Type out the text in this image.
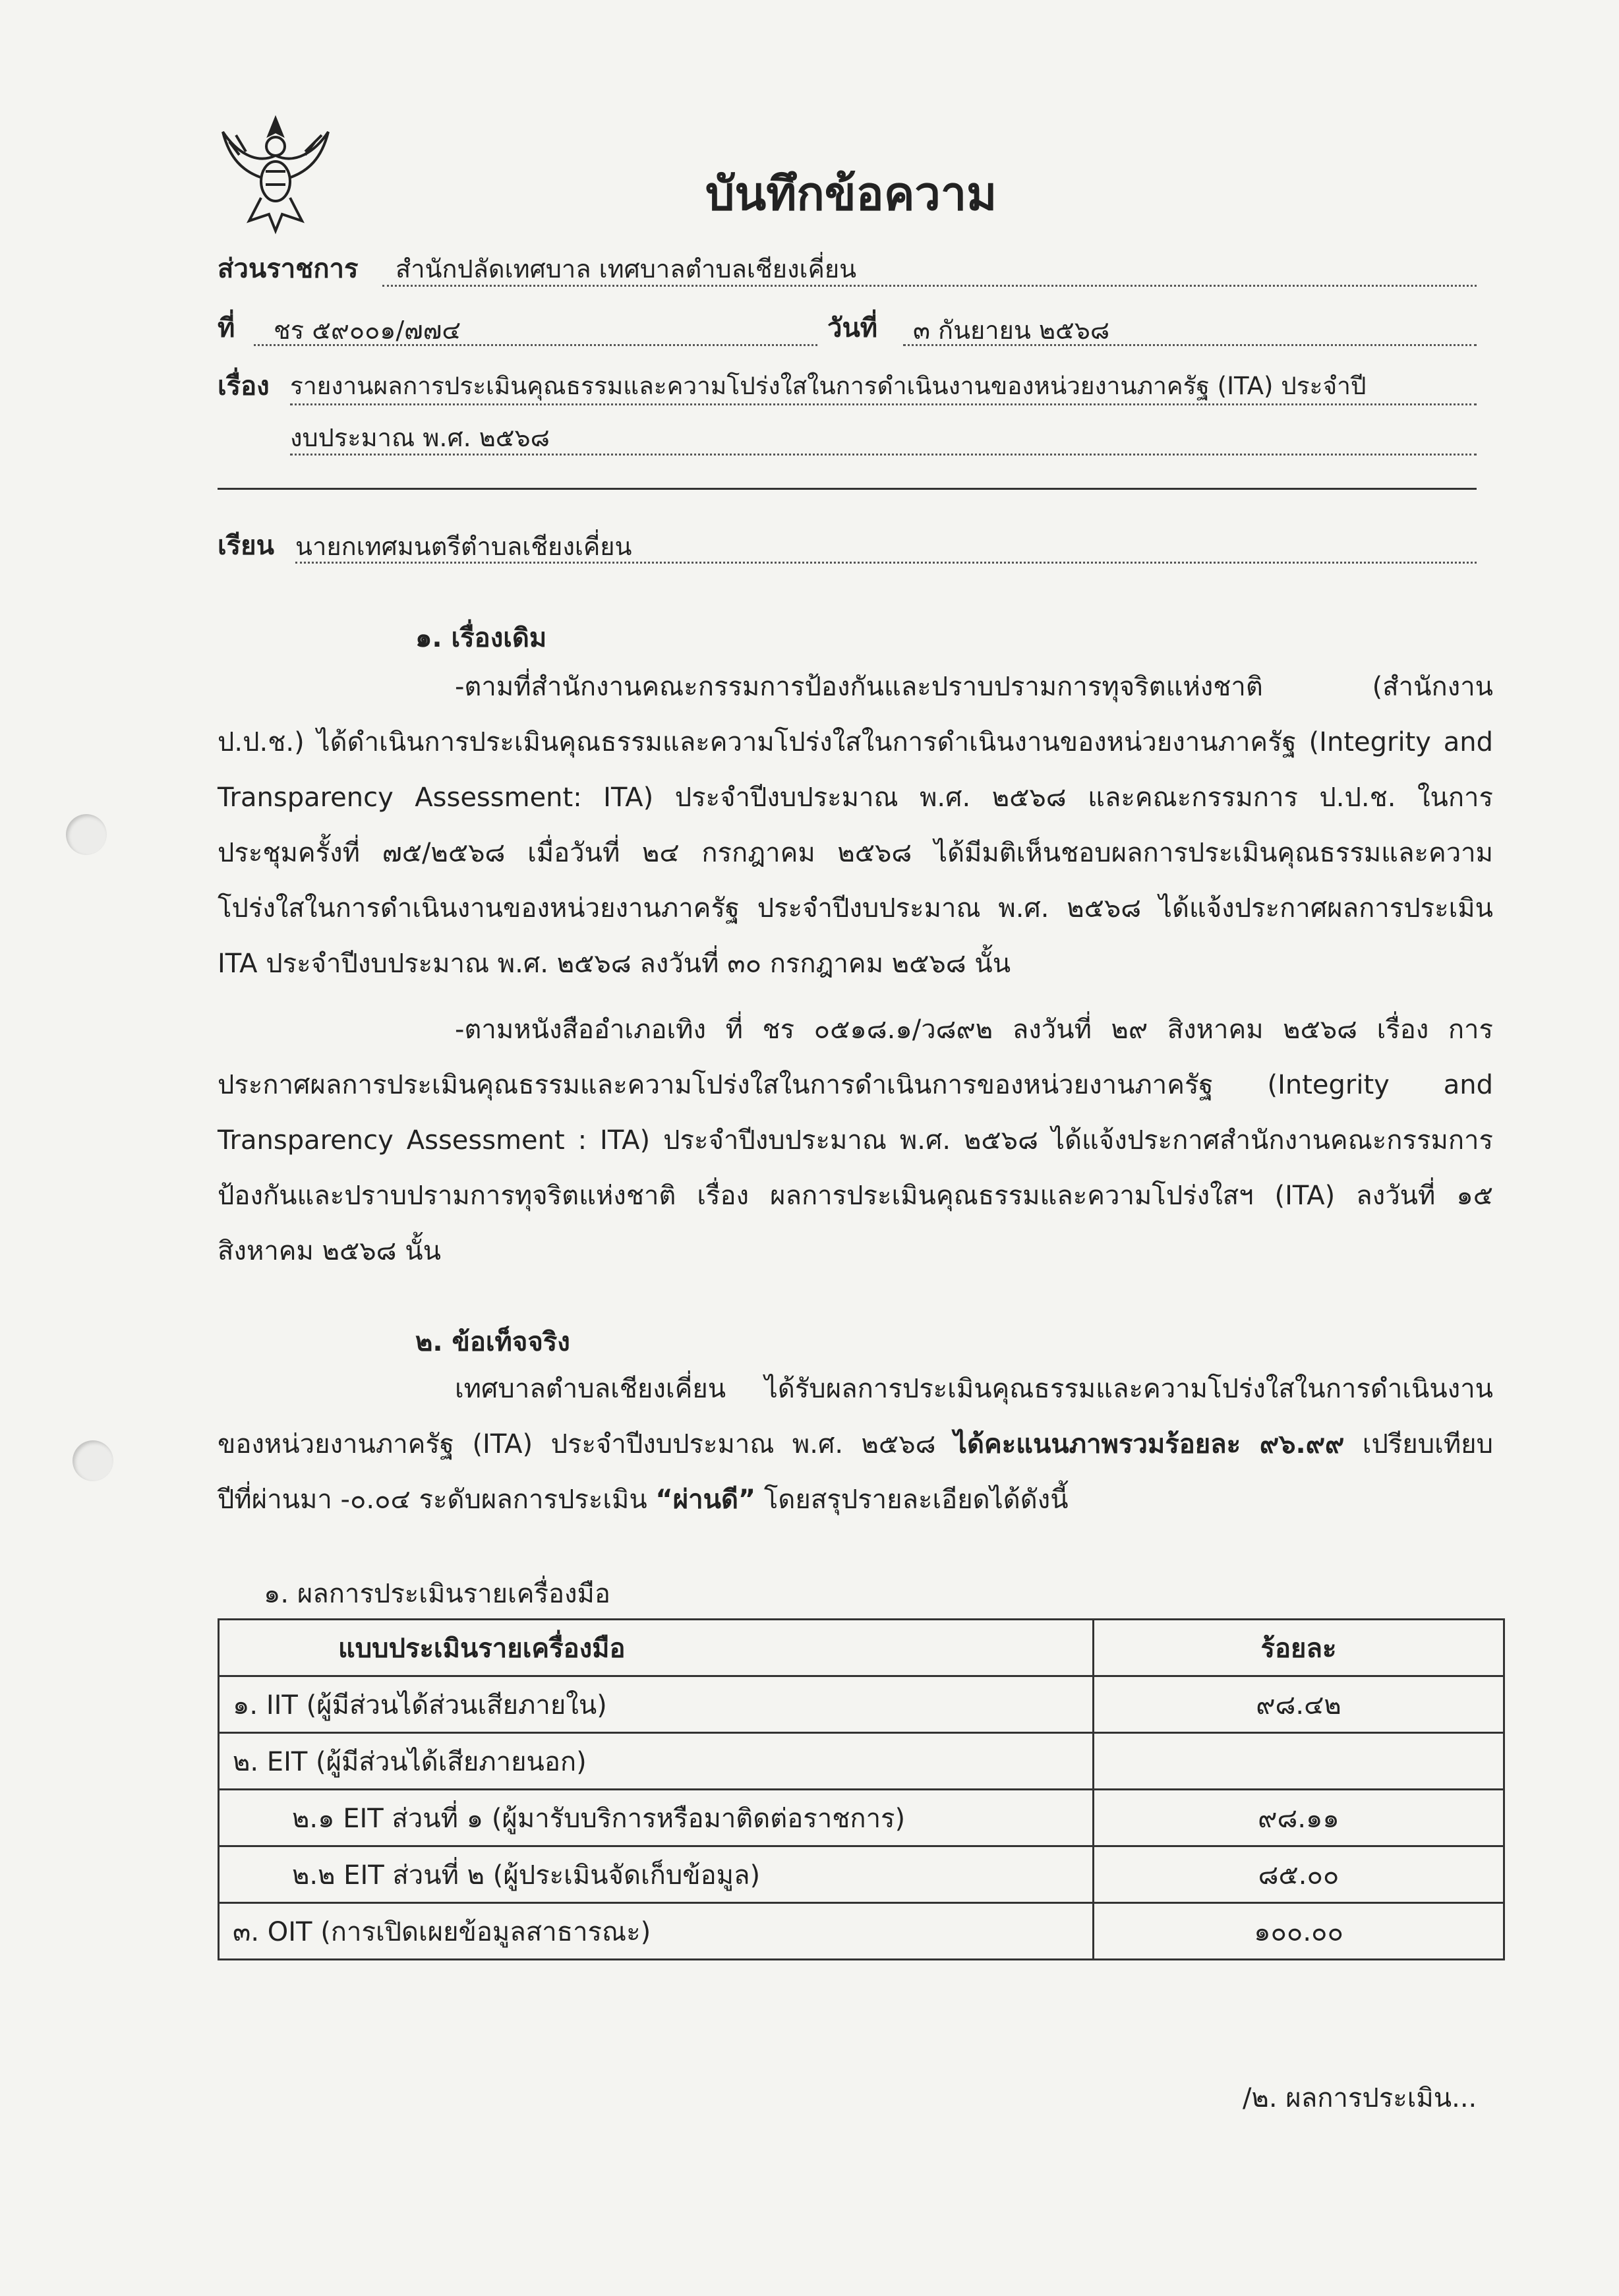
บันทึกข้อความ
ส่วนราชการ สำนักปลัดเทศบาล เทศบาลตำบลเชียงเคี่ยน
ที่ ชร ๕๙๐๐๑/๗๗๔	วันที่ ๓ กันยายน ๒๕๖๘
เรื่อง รายงานผลการประเมินคุณธรรมและความโปร่งใสในการดำเนินงานของหน่วยงานภาครัฐ (ITA) ประจำปี
งบประมาณ พ.ศ. ๒๕๖๘
เรียน นายกเทศมนตรีตำบลเชียงเคี่ยน
๑. เรื่องเดิม
-ตามที่สำนักงานคณะกรรมการป้องกันและปราบปรามการทุจริตแห่งชาติ (สำนักงาน
ป.ป.ช.) ได้ดำเนินการประเมินคุณธรรมและความโปร่งใสในการดำเนินงานของหน่วยงานภาครัฐ (Integrity and
Transparency Assessment: ITA) ประจำปีงบประมาณ พ.ศ. ๒๕๖๘ และคณะกรรมการ ป.ป.ช. ในการ
ประชุมครั้งที่ ๗๕/๒๕๖๘ เมื่อวันที่ ๒๔ กรกฎาคม ๒๕๖๘ ได้มีมติเห็นชอบผลการประเมินคุณธรรมและความ
โปร่งใสในการดำเนินงานของหน่วยงานภาครัฐ ประจำปีงบประมาณ พ.ศ. ๒๕๖๘ ได้แจ้งประกาศผลการประเมิน
ITA ประจำปีงบประมาณ พ.ศ. ๒๕๖๘ ลงวันที่ ๓๐ กรกฎาคม ๒๕๖๘ นั้น
-ตามหนังสืออำเภอเทิง ที่ ชร ๐๕๑๘.๑/ว๘๙๒ ลงวันที่ ๒๙ สิงหาคม ๒๕๖๘ เรื่อง การ
ประกาศผลการประเมินคุณธรรมและความโปร่งใสในการดำเนินการของหน่วยงานภาครัฐ (Integrity and
Transparency Assessment : ITA) ประจำปีงบประมาณ พ.ศ. ๒๕๖๘ ได้แจ้งประกาศสำนักงานคณะกรรมการ
ป้องกันและปราบปรามการทุจริตแห่งชาติ เรื่อง ผลการประเมินคุณธรรมและความโปร่งใสฯ (ITA) ลงวันที่ ๑๕
สิงหาคม ๒๕๖๘ นั้น
๒. ข้อเท็จจริง
เทศบาลตำบลเชียงเคี่ยน ได้รับผลการประเมินคุณธรรมและความโปร่งใสในการดำเนินงาน
ของหน่วยงานภาครัฐ (ITA) ประจำปีงบประมาณ พ.ศ. ๒๕๖๘ ได้คะแนนภาพรวมร้อยละ ๙๖.๙๙ เปรียบเทียบ
ปีที่ผ่านมา -๐.๐๔ ระดับผลการประเมิน “ผ่านดี” โดยสรุปรายละเอียดได้ดังนี้
๑. ผลการประเมินรายเครื่องมือ
แบบประเมินรายเครื่องมือ	ร้อยละ
๑. IIT (ผู้มีส่วนได้ส่วนเสียภายใน)	๙๘.๔๒
๒. EIT (ผู้มีส่วนได้เสียภายนอก)	
๒.๑ EIT ส่วนที่ ๑ (ผู้มารับบริการหรือมาติดต่อราชการ)	๙๘.๑๑
๒.๒ EIT ส่วนที่ ๒ (ผู้ประเมินจัดเก็บข้อมูล)	๘๕.๐๐
๓. OIT (การเปิดเผยข้อมูลสาธารณะ)	๑๐๐.๐๐
/๒. ผลการประเมิน...
